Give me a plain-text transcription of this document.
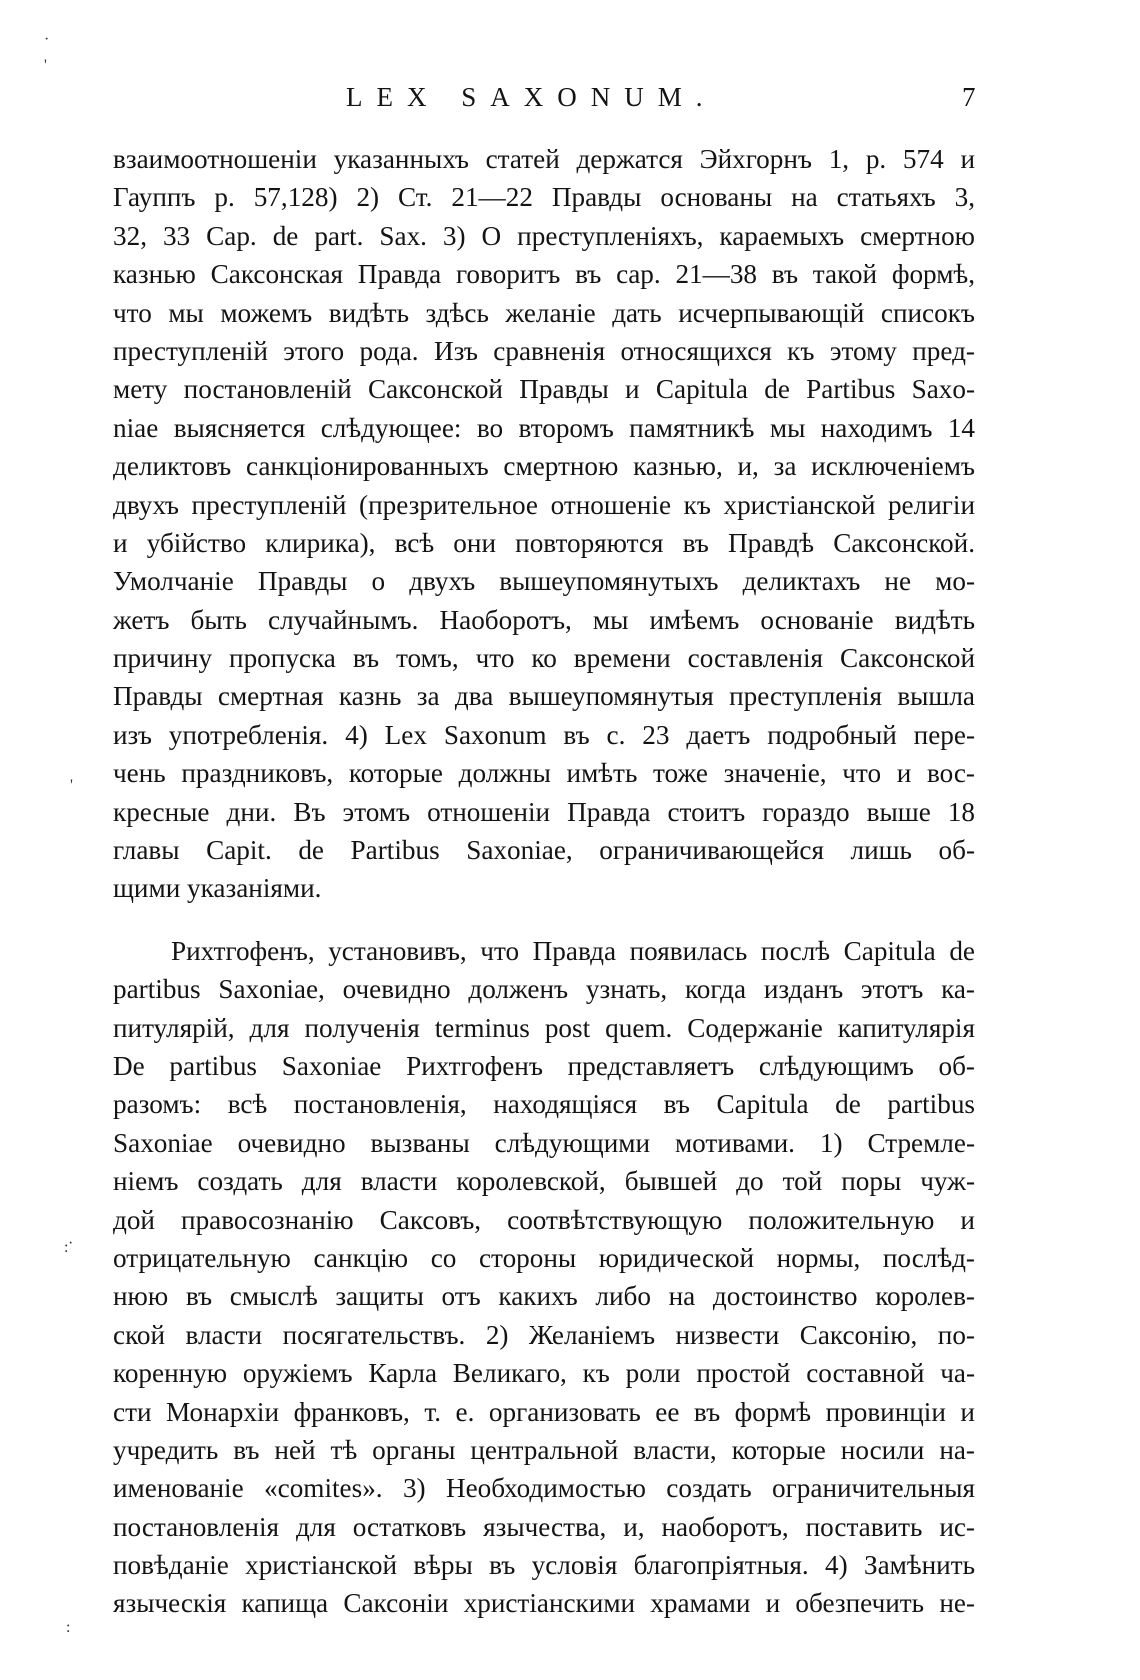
LEX SAXONUM.	7
·
'
'
·
:
:
взаимоотношенiи указанныхъ статей держатся Эйхгорнъ 1, р. 574 и
Гауппъ р. 57,128) 2) Ст. 21—22 Правды основаны на статьяхъ 3,
32, 33 Cap. de part. Sax. 3) О преступленiяхъ, караемыхъ смертною
казнью Саксонская Правда говоритъ въ cap. 21—38 въ такой формѣ,
что мы можемъ видѣть здѣсь желанiе дать исчерпывающiй списокъ
преступленiй этого рода. Изъ сравненiя относящихся къ этому пред-
мету постановленiй Саксонской Правды и Capitula de Partibus Saxo-
niae выясняется слѣдующее: во второмъ памятникѣ мы находимъ 14
деликтовъ санкцiонированныхъ смертною казнью, и, за исключенiемъ
двухъ преступленiй (презрительное отношенiе къ христiанской религiи
и убiйство клирика), всѣ они повторяются въ Правдѣ Саксонской.
Умолчанiе Правды о двухъ вышеупомянутыхъ деликтахъ не мо-
жетъ быть случайнымъ. Наоборотъ, мы имѣемъ основанiе видѣть
причину пропуска въ томъ, что ко времени составленiя Саксонской
Правды смертная казнь за два вышеупомянутыя преступленiя вышла
изъ употребленiя. 4) Lex Saxonum въ с. 23 даетъ подробный пере-
чень праздниковъ, которые должны имѣть тоже значенiе, что и вос-
кресные дни. Въ этомъ отношенiи Правда стоитъ гораздо выше 18
главы Capit. de Partibus Saxoniae, ограничивающейся лишь об-
щими указанiями.
Рихтгофенъ, установивъ, что Правда появилась послѣ Capitula de
partibus Saxoniae, очевидно долженъ узнать, когда изданъ этотъ ка-
питулярiй, для полученiя terminus post quem. Содержанiе капитулярiя
De partibus Saxoniae Рихтгофенъ представляетъ слѣдующимъ об-
разомъ: всѣ постановленiя, находящiяся въ Capitula de partibus
Saxoniae очевидно вызваны слѣдующими мотивами. 1) Стремле-
нiемъ создать для власти королевской, бывшей до той поры чуж-
дой правосознанiю Саксовъ, соотвѣтствующую положительную и
отрицательную санкцiю со стороны юридической нормы, послѣд-
нюю въ смыслѣ защиты отъ какихъ либо на достоинство королев-
ской власти посягательствъ. 2) Желанiемъ низвести Саксонiю, по-
коренную оружiемъ Карла Великаго, къ роли простой составной ча-
сти Монархiи франковъ, т. е. организовать ее въ формѣ провинцiи и
учредить въ ней тѣ органы центральной власти, которые носили на-
именованiе «comites». 3) Необходимостью создать ограничительныя
постановленiя для остатковъ язычества, и, наоборотъ, поставить ис-
повѣданiе христiанской вѣры въ условiя благопрiятныя. 4) Замѣнить
языческiя капища Саксонiи христiанскими храмами и обезпечить не-
